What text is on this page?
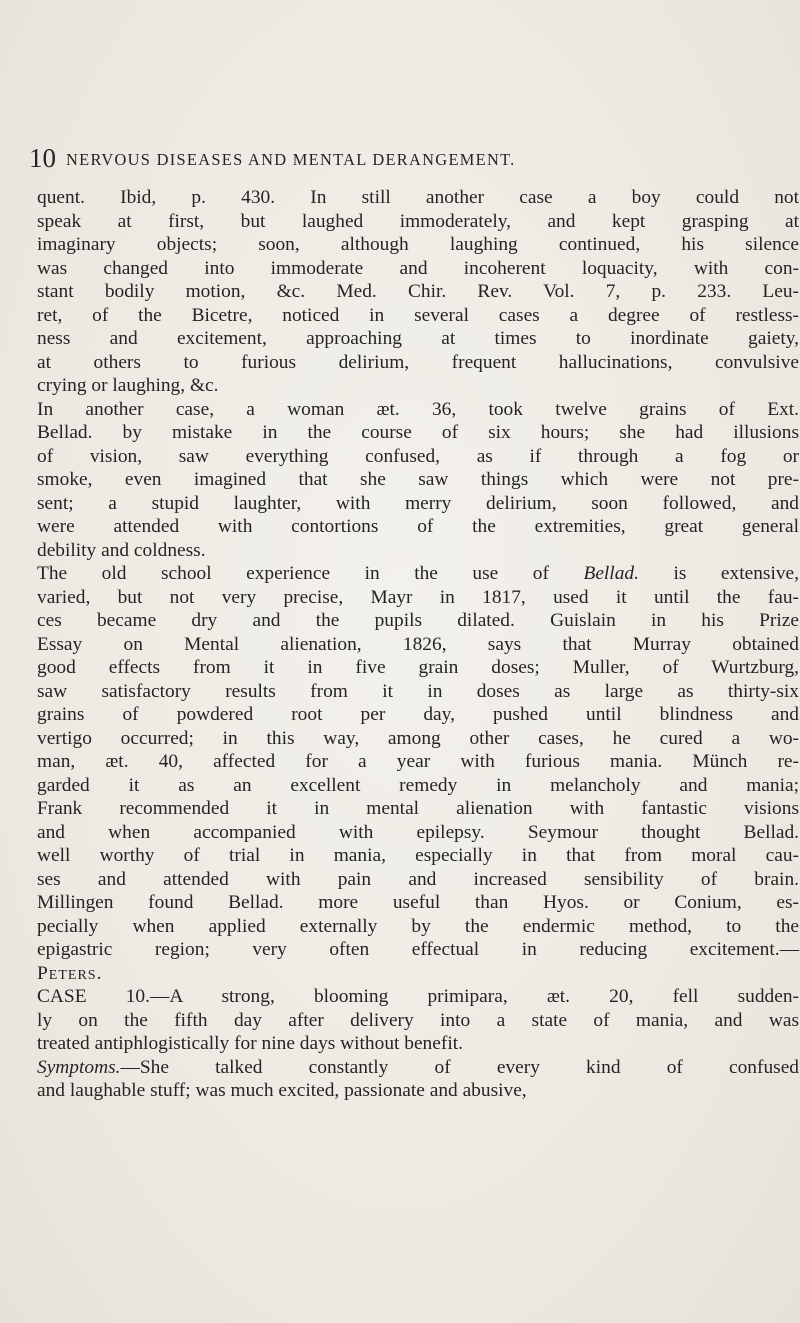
10 NERVOUS DISEASES AND MENTAL DERANGEMENT.
quent. Ibid, p. 430. In still another case a boy could not
speak at first, but laughed immoderately, and kept grasping at
imaginary objects; soon, although laughing continued, his silence
was changed into immoderate and incoherent loquacity, with con-
stant bodily motion, &c. Med. Chir. Rev. Vol. 7, p. 233. Leu-
ret, of the Bicetre, noticed in several cases a degree of restless-
ness and excitement, approaching at times to inordinate gaiety,
at others to furious delirium, frequent hallucinations, convulsive
crying or laughing, &c.
In another case, a woman æt. 36, took twelve grains of Ext.
Bellad. by mistake in the course of six hours; she had illusions
of vision, saw everything confused, as if through a fog or
smoke, even imagined that she saw things which were not pre-
sent; a stupid laughter, with merry delirium, soon followed, and
were attended with contortions of the extremities, great general
debility and coldness.
The old school experience in the use of Bellad. is extensive,
varied, but not very precise, Mayr in 1817, used it until the fau-
ces became dry and the pupils dilated. Guislain in his Prize
Essay on Mental alienation, 1826, says that Murray obtained
good effects from it in five grain doses; Muller, of Wurtzburg,
saw satisfactory results from it in doses as large as thirty-six
grains of powdered root per day, pushed until blindness and
vertigo occurred; in this way, among other cases, he cured a wo-
man, æt. 40, affected for a year with furious mania. Münch re-
garded it as an excellent remedy in melancholy and mania;
Frank recommended it in mental alienation with fantastic visions
and when accompanied with epilepsy. Seymour thought Bellad.
well worthy of trial in mania, especially in that from moral cau-
ses and attended with pain and increased sensibility of brain.
Millingen found Bellad. more useful than Hyos. or Conium, es-
pecially when applied externally by the endermic method, to the
epigastric region; very often effectual in reducing excitement.—
Peters.
CASE 10.—A strong, blooming primipara, æt. 20, fell sudden-
ly on the fifth day after delivery into a state of mania, and was
treated antiphlogistically for nine days without benefit.
Symptoms.—She talked constantly of every kind of confused
and laughable stuff; was much excited, passionate and abusive,
